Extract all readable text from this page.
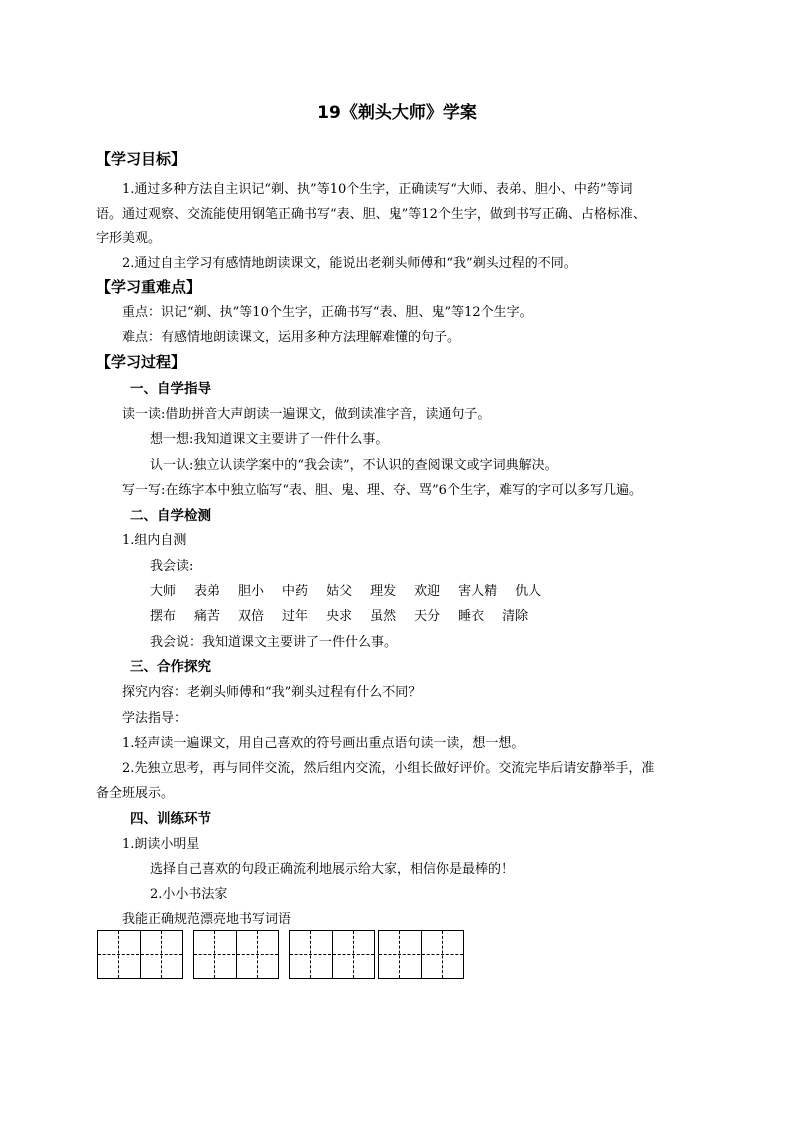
19《剃头大师》学案
【学习目标】
1.通过多种方法自主识记“剃、执”等10个生字，正确读写“大师、表弟、胆小、中药”等词
语。通过观察、交流能使用钢笔正确书写“表、胆、鬼”等12个生字，做到书写正确、占格标准、
字形美观。
2.通过自主学习有感情地朗读课文，能说出老剃头师傅和“我”剃头过程的不同。
【学习重难点】
重点：识记“剃、执”等10个生字，正确书写“表、胆、鬼”等12个生字。
难点：有感情地朗读课文，运用多种方法理解难懂的句子。
【学习过程】
一、自学指导
读一读:借助拼音大声朗读一遍课文，做到读准字音，读通句子。
想一想:我知道课文主要讲了一件什么事。
认一认:独立认读学案中的“我会读”，不认识的查阅课文或字词典解决。
写一写:在练字本中独立临写“表、胆、鬼、理、夺、骂”6个生字，难写的字可以多写几遍。
二、自学检测
1.组内自测
我会读:
大师 表弟 胆小 中药 姑父 理发 欢迎 害人精 仇人
摆布 痛苦 双倍 过年 央求 虽然 天分 睡衣 清除
我会说：我知道课文主要讲了一件什么事。
三、合作探究
探究内容：老剃头师傅和“我”剃头过程有什么不同？
学法指导：
1.轻声读一遍课文，用自己喜欢的符号画出重点语句读一读，想一想。
2.先独立思考，再与同伴交流，然后组内交流，小组长做好评价。交流完毕后请安静举手，准
备全班展示。
四、训练环节
1.朗读小明星
选择自己喜欢的句段正确流利地展示给大家，相信你是最棒的！
2.小小书法家
我能正确规范漂亮地书写词语
